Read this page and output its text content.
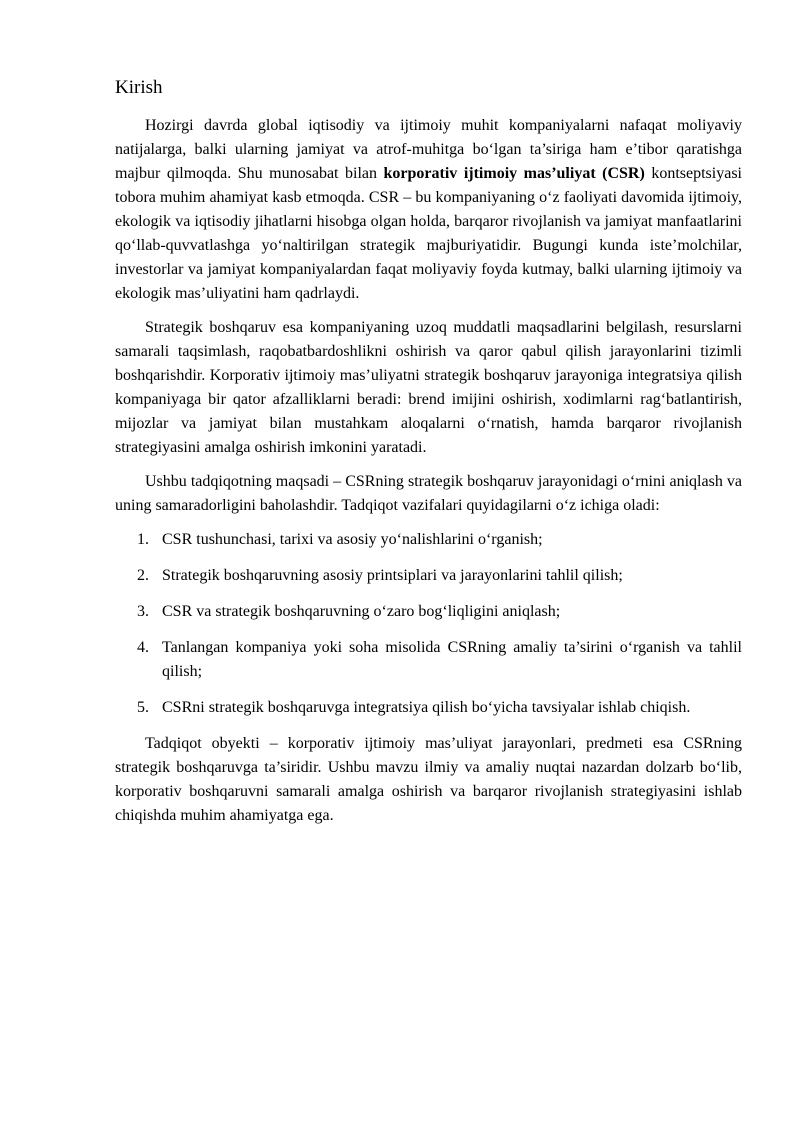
Kirish

Hozirgi davrda global iqtisodiy va ijtimoiy muhit kompaniyalarni nafaqat moliyaviy natijalarga, balki ularning jamiyat va atrof-muhitga bo‘lgan ta’siriga ham e’tibor qaratishga majbur qilmoqda. Shu munosabat bilan korporativ ijtimoiy mas’uliyat (CSR) kontseptsiyasi tobora muhim ahamiyat kasb etmoqda. CSR – bu kompaniyaning o‘z faoliyati davomida ijtimoiy, ekologik va iqtisodiy jihatlarni hisobga olgan holda, barqaror rivojlanish va jamiyat manfaatlarini qo‘llab-quvvatlashga yo‘naltirilgan strategik majburiyatidir. Bugungi kunda iste’molchilar, investorlar va jamiyat kompaniyalardan faqat moliyaviy foyda kutmay, balki ularning ijtimoiy va ekologik mas’uliyatini ham qadrlaydi.

Strategik boshqaruv esa kompaniyaning uzoq muddatli maqsadlarini belgilash, resurslarni samarali taqsimlash, raqobatbardoshlikni oshirish va qaror qabul qilish jarayonlarini tizimli boshqarishdir. Korporativ ijtimoiy mas’uliyatni strategik boshqaruv jarayoniga integratsiya qilish kompaniyaga bir qator afzalliklarni beradi: brend imijini oshirish, xodimlarni rag‘batlantirish, mijozlar va jamiyat bilan mustahkam aloqalarni o‘rnatish, hamda barqaror rivojlanish strategiyasini amalga oshirish imkonini yaratadi.

Ushbu tadqiqotning maqsadi – CSRning strategik boshqaruv jarayonidagi o‘rnini aniqlash va uning samaradorligini baholashdir. Tadqiqot vazifalari quyidagilarni o‘z ichiga oladi:

1. CSR tushunchasi, tarixi va asosiy yo‘nalishlarini o‘rganish;
2. Strategik boshqaruvning asosiy printsiplari va jarayonlarini tahlil qilish;
3. CSR va strategik boshqaruvning o‘zaro bog‘liqligini aniqlash;
4. Tanlangan kompaniya yoki soha misolida CSRning amaliy ta’sirini o‘rganish va tahlil qilish;
5. CSRni strategik boshqaruvga integratsiya qilish bo‘yicha tavsiyalar ishlab chiqish.

Tadqiqot obyekti – korporativ ijtimoiy mas’uliyat jarayonlari, predmeti esa CSRning strategik boshqaruvga ta’siridir. Ushbu mavzu ilmiy va amaliy nuqtai nazardan dolzarb bo‘lib, korporativ boshqaruvni samarali amalga oshirish va barqaror rivojlanish strategiyasini ishlab chiqishda muhim ahamiyatga ega.
